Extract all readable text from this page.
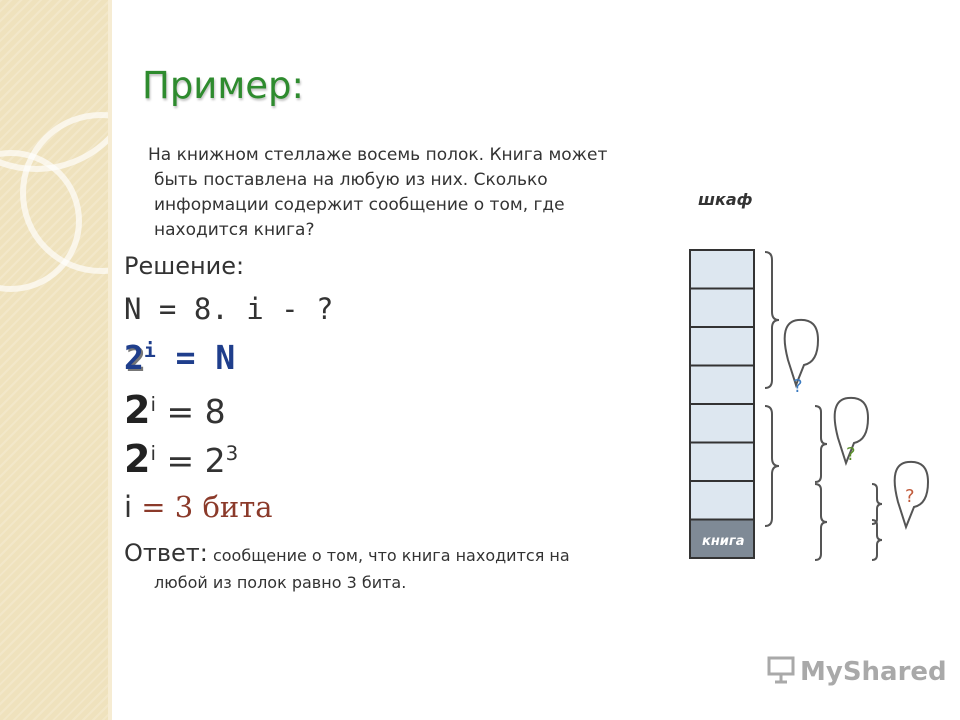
Пример:
На книжном стеллаже восемь полок. Книга может

быть поставлена на любую из них. Сколько
информации содержит сообщение о том, где
находится книга?
Решение:
N = 8. i - ?
$2^i = N$
$2^i = 8$
$2^i = 2^3$
i = 3 бита
Ответ: сообщение о том, что книга находится на
любой из полок равно 3 бита.
шкаф
книга
?
?
?
MyShared
